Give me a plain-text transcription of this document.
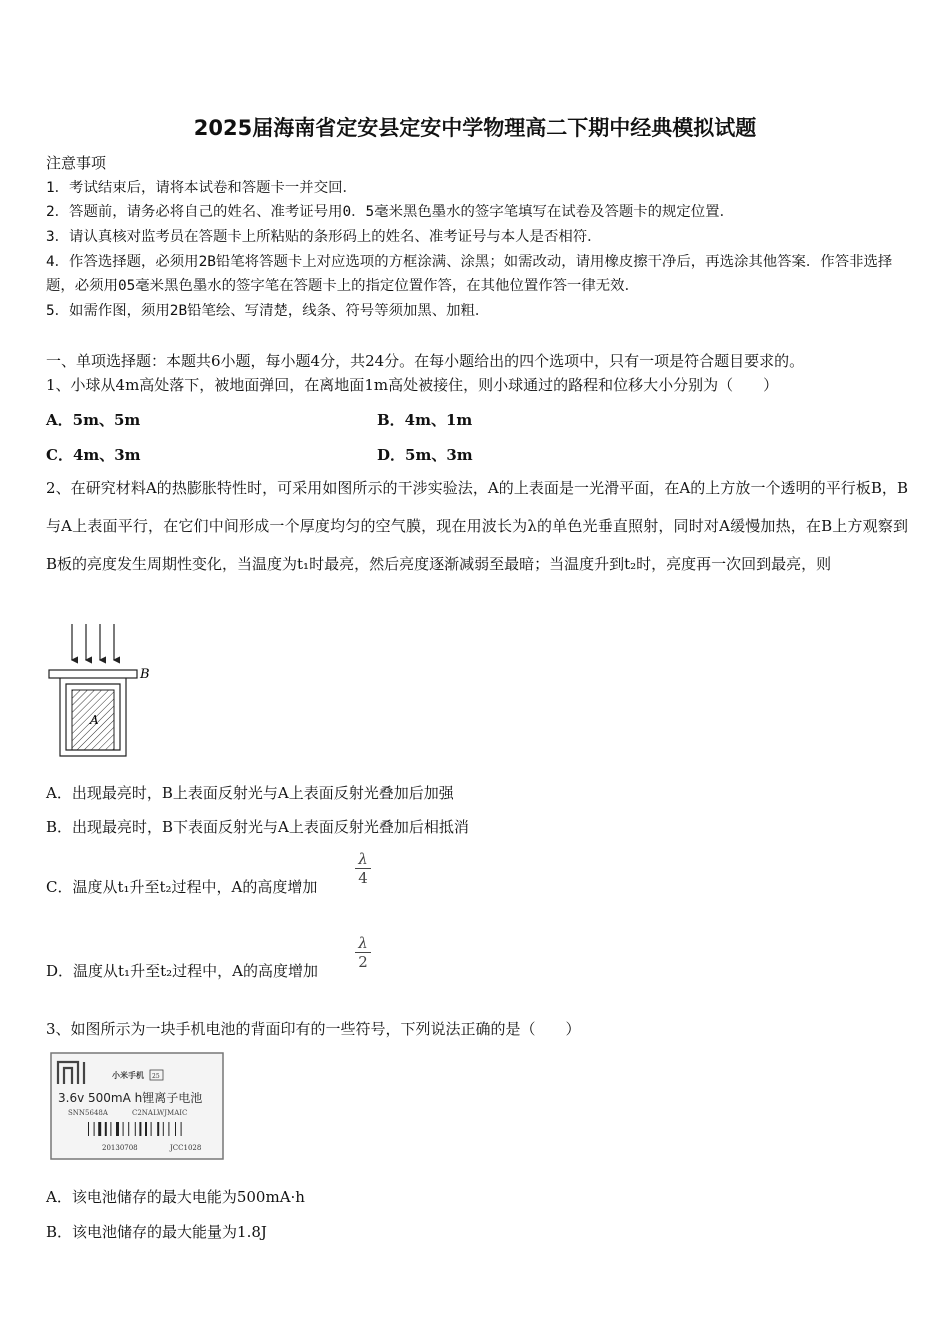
2025届海南省定安县定安中学物理高二下期中经典模拟试题
注意事项
1．考试结束后，请将本试卷和答题卡一并交回．
2．答题前，请务必将自己的姓名、准考证号用0．5毫米黑色墨水的签字笔填写在试卷及答题卡的规定位置．
3．请认真核对监考员在答题卡上所粘贴的条形码上的姓名、准考证号与本人是否相符．
4．作答选择题，必须用2B铅笔将答题卡上对应选项的方框涂满、涂黑；如需改动，请用橡皮擦干净后，再选涂其他答案．作答非选择题，必须用05毫米黑色墨水的签字笔在答题卡上的指定位置作答，在其他位置作答一律无效．
5．如需作图，须用2B铅笔绘、写清楚，线条、符号等须加黑、加粗．
一、单项选择题：本题共6小题，每小题4分，共24分。在每小题给出的四个选项中，只有一项是符合题目要求的。
1、小球从4m高处落下，被地面弹回，在离地面1m高处被接住，则小球通过的路程和位移大小分别为（　　）
A．5m、5m	B．4m、1m
C．4m、3m	D．5m、3m
2、在研究材料A的热膨胀特性时，可采用如图所示的干涉实验法，A的上表面是一光滑平面，在A的上方放一个透明的平行板B，B与A上表面平行，在它们中间形成一个厚度均匀的空气膜，现在用波长为λ的单色光垂直照射，同时对A缓慢加热，在B上方观察到B板的亮度发生周期性变化，当温度为t₁时最亮，然后亮度逐渐减弱至最暗；当温度升到t₂时，亮度再一次回到最亮，则
B
A
A．出现最亮时，B上表面反射光与A上表面反射光叠加后加强
B．出现最亮时，B下表面反射光与A上表面反射光叠加后相抵消
C．温度从t₁升至t₂过程中，A的高度增加
λ
4
D．温度从t₁升至t₂过程中，A的高度增加
λ
2
3、如图所示为一块手机电池的背面印有的一些符号，下列说法正确的是（　　）
小米手机 25
3.6v 500mA h锂离子电池
SNN5648A	C2NALWJMAIC
20130708	JCC1028
A．该电池储存的最大电能为500mA·h
B．该电池储存的最大能量为1.8J
